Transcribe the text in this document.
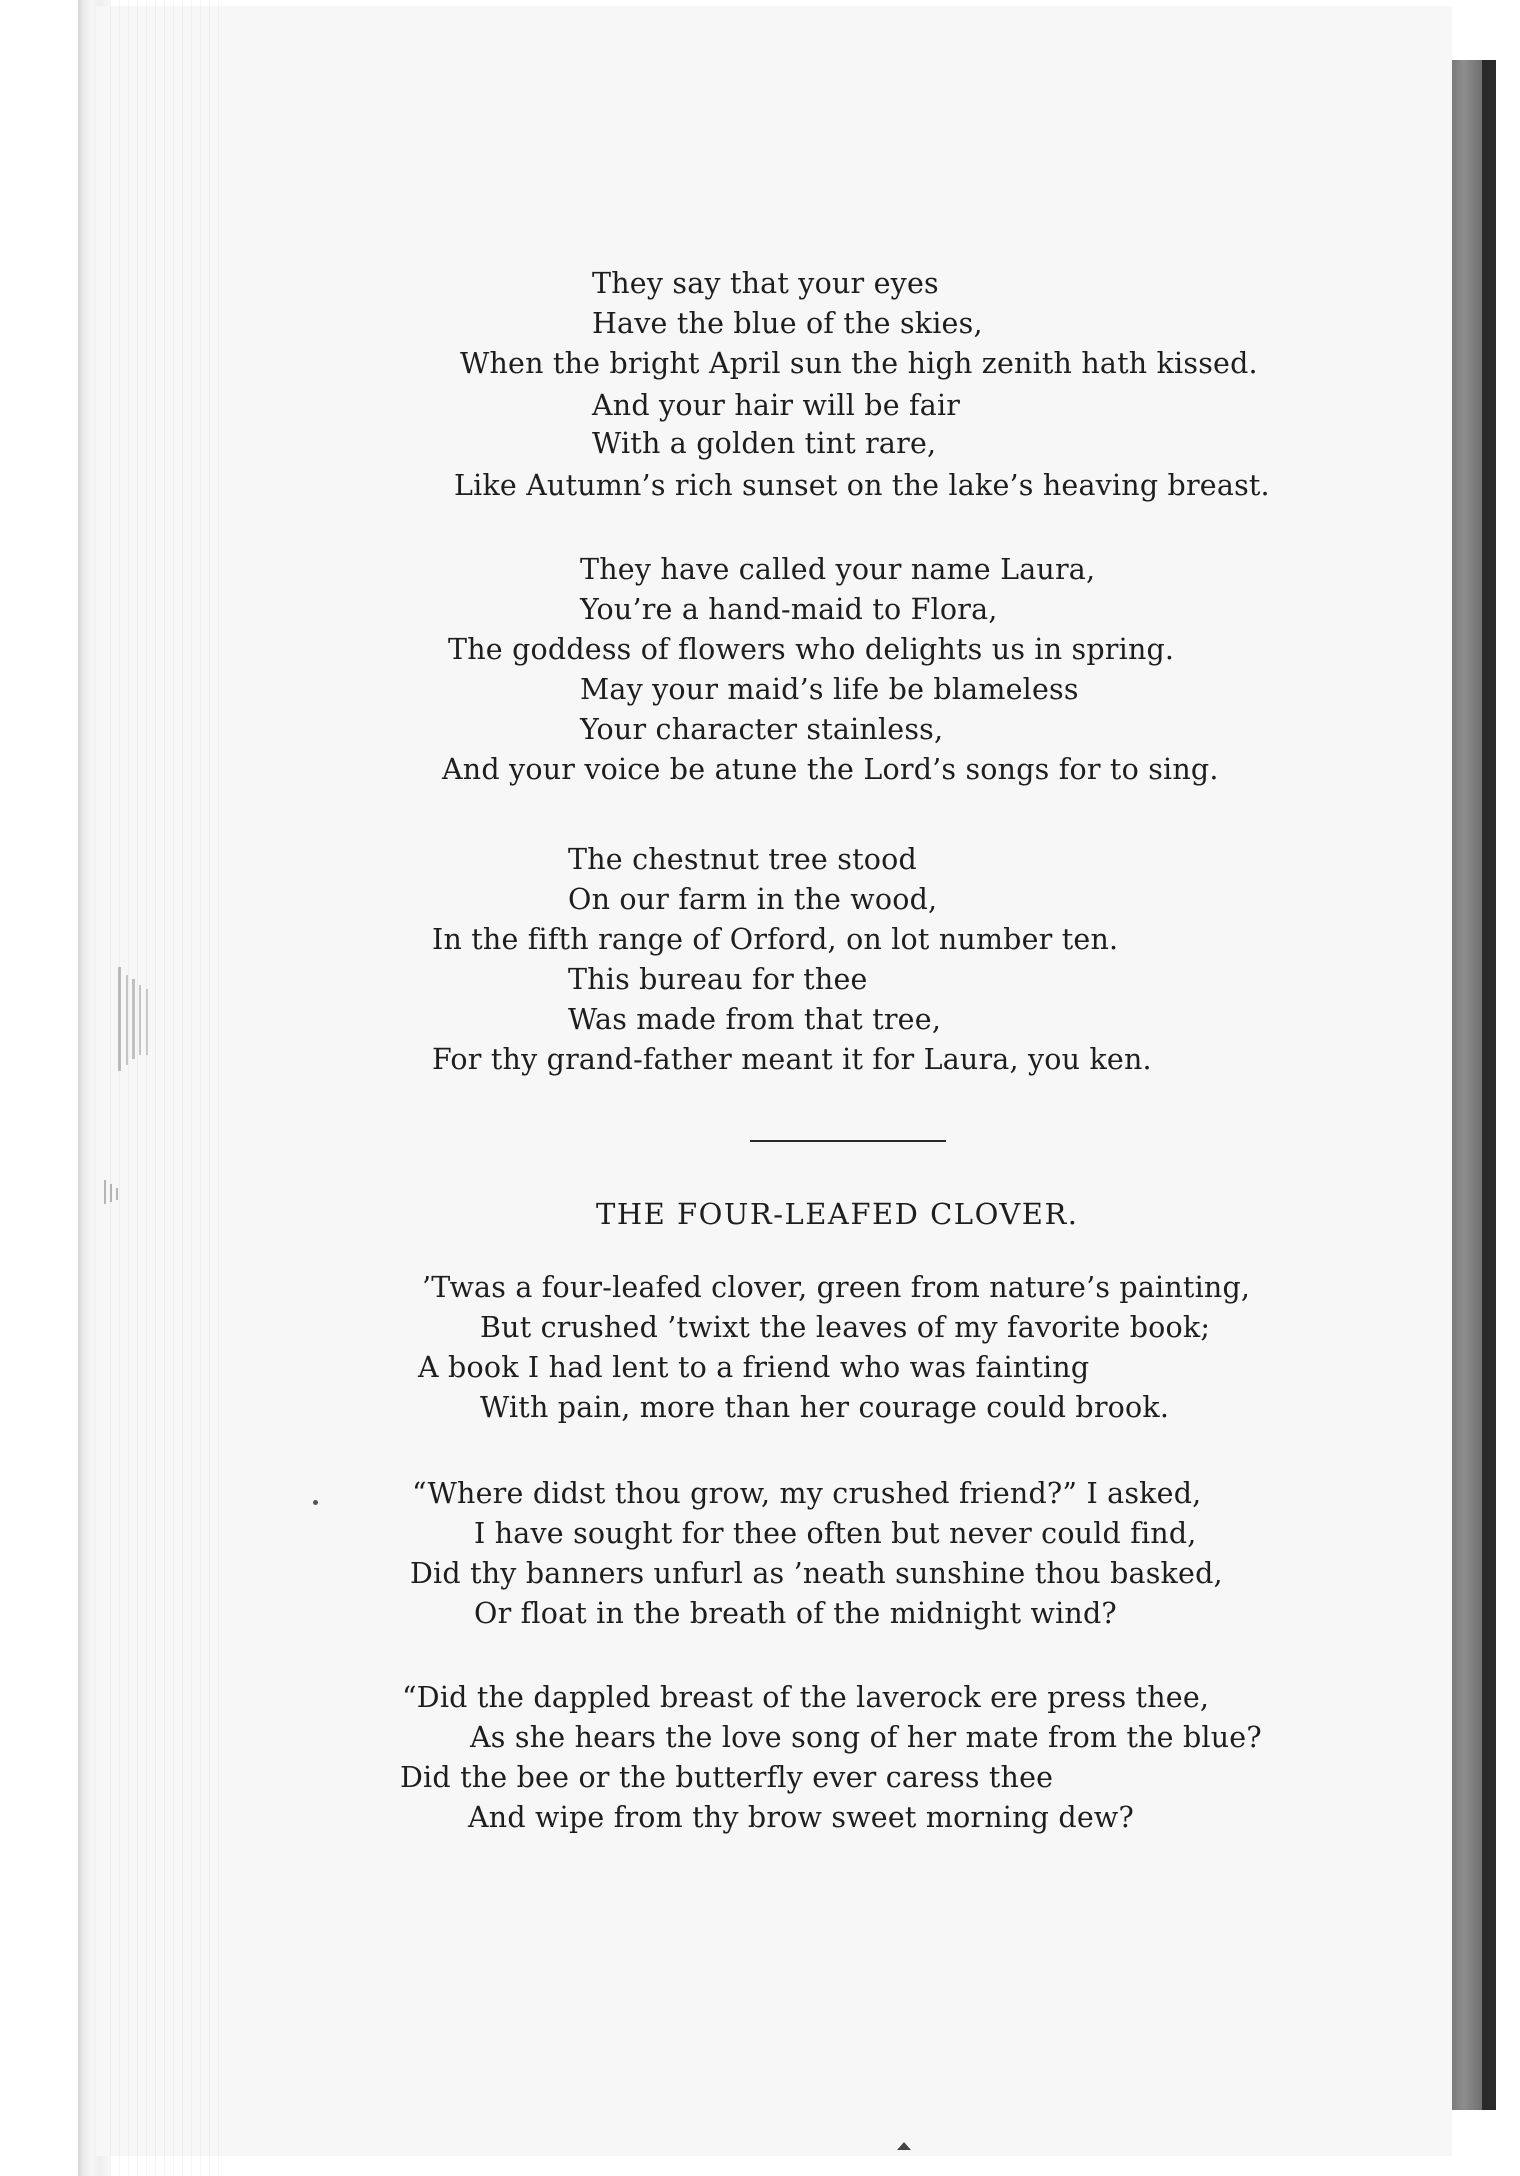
They say that your eyes

Have the blue of the skies,

When the bright April sun the high zenith hath kissed.

And your hair will be fair

With a golden tint rare,

Like Autumn’s rich sunset on the lake’s heaving breast.

They have called your name Laura,

You’re a hand-maid to Flora,

The goddess of flowers who delights us in spring.

May your maid’s life be blameless

Your character stainless,

And your voice be atune the Lord’s songs for to sing.

The chestnut tree stood

On our farm in the wood,

In the fifth range of Orford, on lot number ten.

This bureau for thee

Was made from that tree,

For thy grand-father meant it for Laura, you ken.

THE FOUR-LEAFED CLOVER.

’Twas a four-leafed clover, green from nature’s painting,

But crushed ’twixt the leaves of my favorite book;

A book I had lent to a friend who was fainting

With pain, more than her courage could brook.

“Where didst thou grow, my crushed friend?” I asked,

I have sought for thee often but never could find,

Did thy banners unfurl as ’neath sunshine thou basked,

Or float in the breath of the midnight wind?

“Did the dappled breast of the laverock ere press thee,

As she hears the love song of her mate from the blue?

Did the bee or the butterfly ever caress thee

And wipe from thy brow sweet morning dew?
